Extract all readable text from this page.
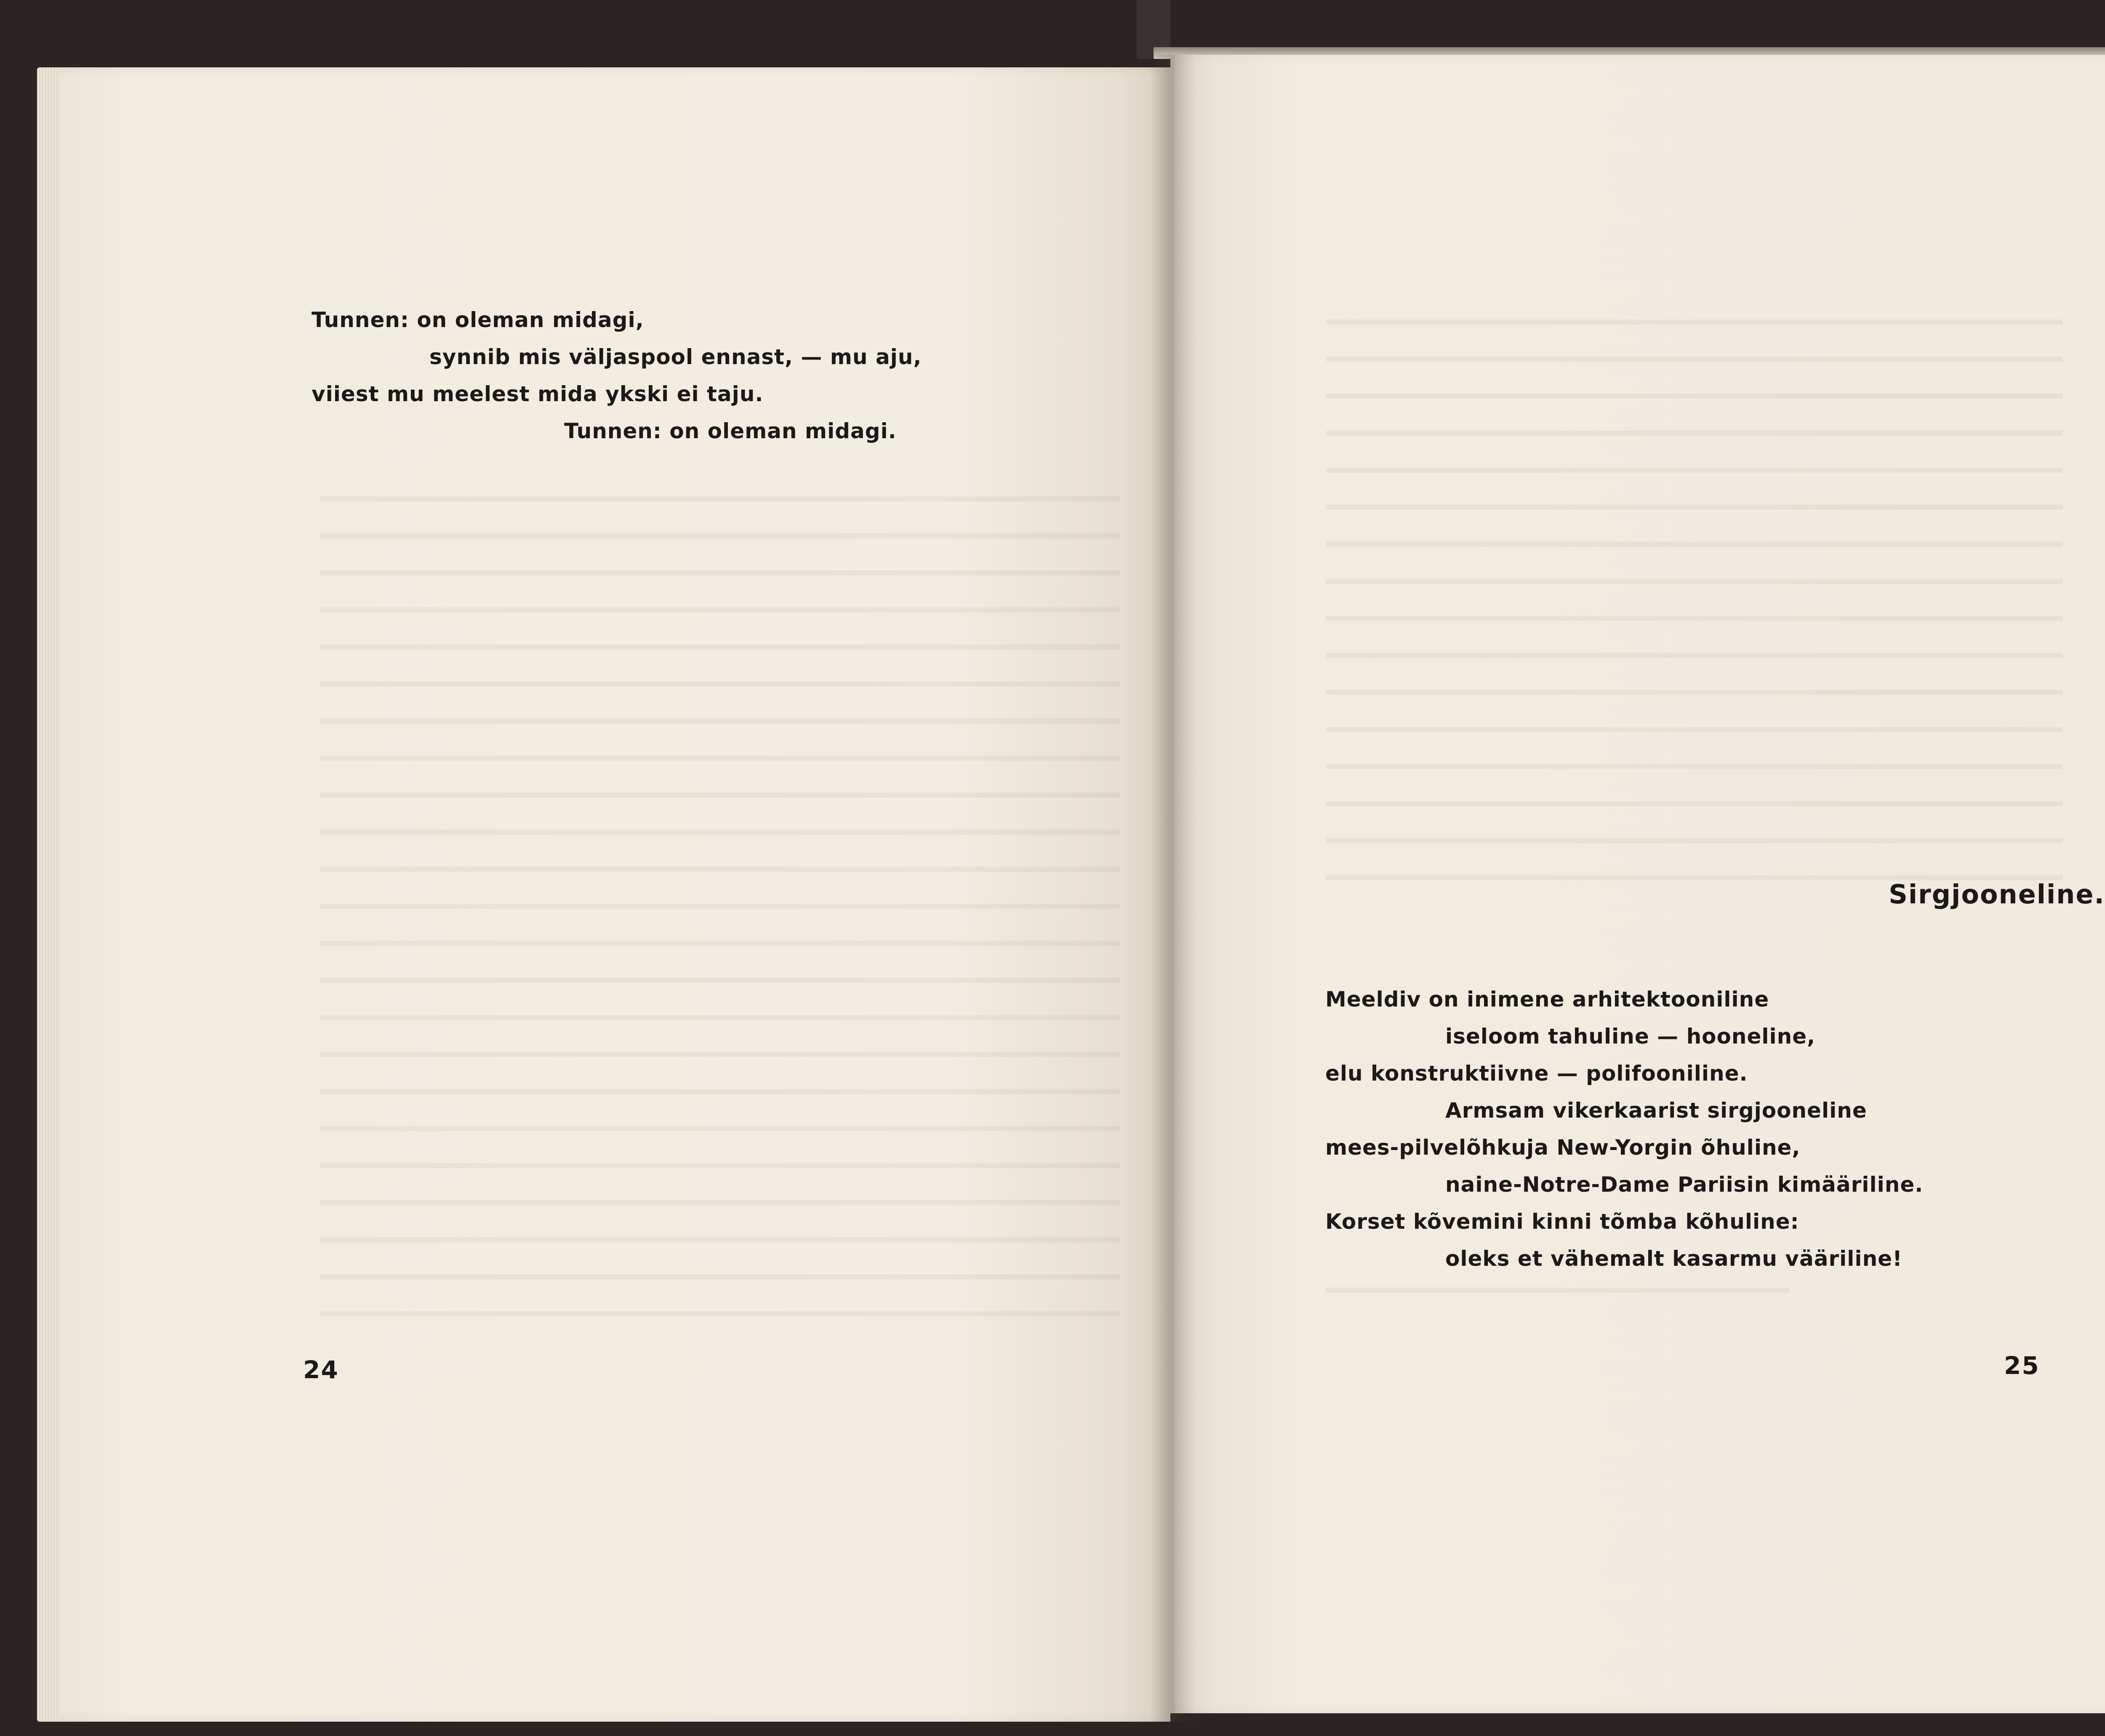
Tunnen: on oleman midagi,
synnib mis väljaspool ennast, — mu aju,
viiest mu meelest mida ykski ei taju.
Tunnen: on oleman midagi.
24
Sirgjooneline.
Meeldiv on inimene arhitektooniline
iseloom tahuline — hooneline,
elu konstruktiivne — polifooniline.
Armsam vikerkaarist sirgjooneline
mees-pilvelõhkuja New-Yorgin õhuline,
naine-Notre-Dame Pariisin kimääriline.
Korset kõvemini kinni tõmba kõhuline:
oleks et vähemalt kasarmu vääriline!
25
